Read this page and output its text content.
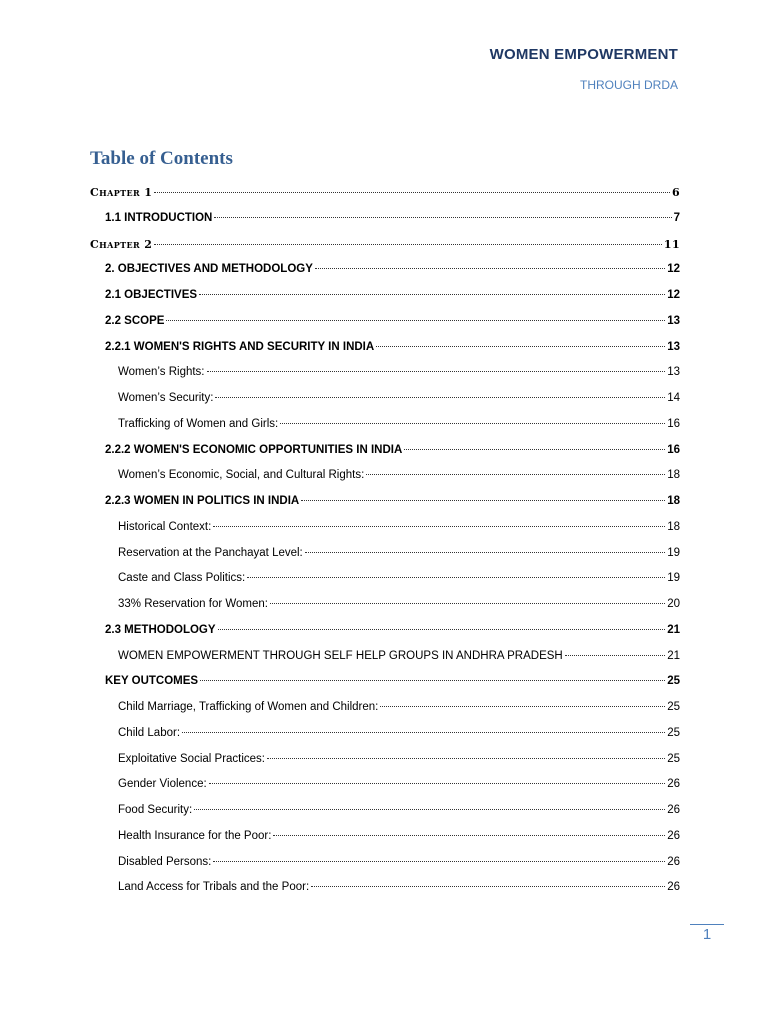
WOMEN EMPOWERMENT
THROUGH DRDA
Table of Contents
Chapter 1	6
1.1 INTRODUCTION	7
Chapter 2	11
2. OBJECTIVES AND METHODOLOGY	12
2.1 OBJECTIVES	12
2.2 SCOPE	13
2.2.1 WOMEN'S RIGHTS AND SECURITY IN INDIA	13
Women’s Rights:	13
Women’s Security:	14
Trafficking of Women and Girls:	16
2.2.2 WOMEN'S ECONOMIC OPPORTUNITIES IN INDIA	16
Women’s Economic, Social, and Cultural Rights:	18
2.2.3 WOMEN IN POLITICS IN INDIA	18
Historical Context:	18
Reservation at the Panchayat Level:	19
Caste and Class Politics:	19
33% Reservation for Women:	20
2.3 METHODOLOGY	21
WOMEN EMPOWERMENT THROUGH SELF HELP GROUPS IN ANDHRA PRADESH	21
KEY OUTCOMES	25
Child Marriage, Trafficking of Women and Children:	25
Child Labor:	25
Exploitative Social Practices:	25
Gender Violence:	26
Food Security:	26
Health Insurance for the Poor:	26
Disabled Persons:	26
Land Access for Tribals and the Poor:	26
1
